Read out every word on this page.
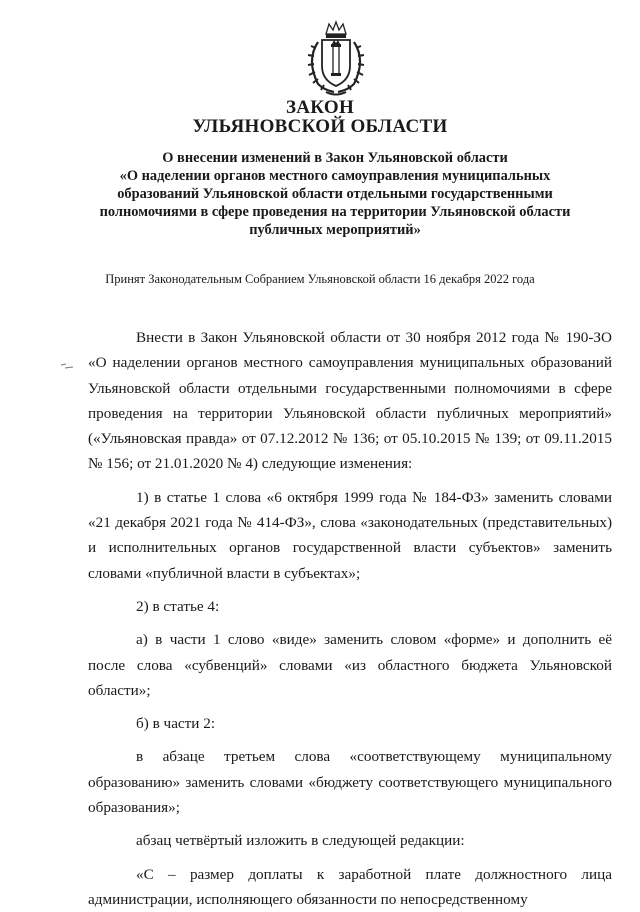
ЗАКОН
УЛЬЯНОВСКОЙ ОБЛАСТИ
О внесении изменений в Закон Ульяновской области
«О наделении органов местного самоуправления муниципальных
образований Ульяновской области отдельными государственными
полномочиями в сфере проведения на территории Ульяновской области
публичных мероприятий»
Принят Законодательным Собранием Ульяновской области 16 декабря 2022 года

Внести в Закон Ульяновской области от 30 ноября 2012 года № 190-ЗО «О наделении органов местного самоуправления муниципальных образований Ульяновской области отдельными государственными полномочиями в сфере проведения на территории Ульяновской области публичных мероприятий» («Ульяновская правда» от 07.12.2012 № 136; от 05.10.2015 № 139; от 09.11.2015 № 156; от 21.01.2020 № 4) следующие изменения:

1) в статье 1 слова «6 октября 1999 года № 184-ФЗ» заменить словами «21 декабря 2021 года № 414-ФЗ», слова «законодательных (представительных) и исполнительных органов государственной власти субъектов» заменить словами «публичной власти в субъектах»;

2) в статье 4:

а) в части 1 слово «виде» заменить словом «форме» и дополнить её после слова «субвенций» словами «из областного бюджета Ульяновской области»;

б) в части 2:

в абзаце третьем слова «соответствующему муниципальному образованию» заменить словами «бюджету соответствующего муниципального образования»;

абзац четвёртый изложить в следующей редакции:

«С – размер доплаты к заработной плате должностного лица администрации, исполняющего обязанности по непосредственному
